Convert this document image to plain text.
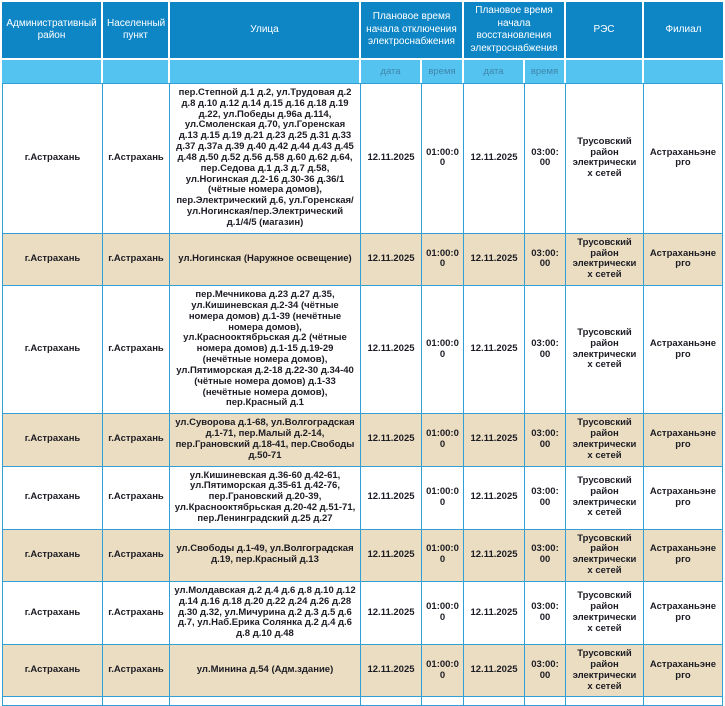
Административный район	Населенный пункт	Улица	Плановое время начала отключения электроснабжения		Плановое время начала восстановления электроснабжения		РЭС	Филиал
			дата	время	дата	время		
г.Астрахань	г.Астрахань	пер.Степной д.1 д.2, ул.Трудовая д.2 д.8 д.10 д.12 д.14 д.15 д.16 д.18 д.19 д.22, ул.Победы д.96а д.114, ул.Смоленская д.70, ул.Горенская д.13 д.15 д.19 д.21 д.23 д.25 д.31 д.33 д.37 д.37а д.39 д.40 д.42 д.44 д.43 д.45 д.48 д.50 д.52 д.56 д.58 д.60 д.62 д.64, пер.Седова д.1 д.3 д.7 д.58, ул.Ногинская д.2-16 д.30-36 д.36/1 (чётные номера домов), пер.Электрический д.6, ул.Горенская/ ул.Ногинская/пер.Электрический д.1/4/5 (магазин)	12.11.2025	01:00:00	12.11.2025	03:00:00	Трусовский район электрических сетей	Астраханьэнерго
г.Астрахань	г.Астрахань	ул.Ногинская (Наружное освещение)	12.11.2025	01:00:00	12.11.2025	03:00:00	Трусовский район электрических сетей	Астраханьэнерго
г.Астрахань	г.Астрахань	пер.Мечникова д.23 д.27 д.35, ул.Кишиневская д.2-34 (чётные номера домов) д.1-39 (нечётные номера домов), ул.Краснооктябрьская д.2 (чётные номера домов) д.1-15 д.19-29 (нечётные номера домов), ул.Пятиморская д.2-18 д.22-30 д.34-40 (чётные номера домов) д.1-33 (нечётные номера домов), пер.Красный д.1	12.11.2025	01:00:00	12.11.2025	03:00:00	Трусовский район электрических сетей	Астраханьэнерго
г.Астрахань	г.Астрахань	ул.Суворова д.1-68, ул.Волгоградская д.1-71, пер.Малый д.2-14, пер.Грановский д.18-41, пер.Свободы д.50-71	12.11.2025	01:00:00	12.11.2025	03:00:00	Трусовский район электрических сетей	Астраханьэнерго
г.Астрахань	г.Астрахань	ул.Кишиневская д.36-60 д.42-61, ул.Пятиморская д.35-61 д.42-76, пер.Грановский д.20-39, ул.Краснооктябрьская д.20-42 д.51-71, пер.Ленинградский д.25 д.27	12.11.2025	01:00:00	12.11.2025	03:00:00	Трусовский район электрических сетей	Астраханьэнерго
г.Астрахань	г.Астрахань	ул.Свободы д.1-49, ул.Волгоградская д.19, пер.Красный д.13	12.11.2025	01:00:00	12.11.2025	03:00:00	Трусовский район электрических сетей	Астраханьэнерго
г.Астрахань	г.Астрахань	ул.Молдавская д.2 д.4 д.6 д.8 д.10 д.12 д.14 д.16 д.18 д.20 д.22 д.24 д.26 д.28 д.30 д.32, ул.Мичурина д.2 д.3 д.5 д.6 д.7, ул.Наб.Ерика Солянка д.2 д.4 д.6 д.8 д.10 д.48	12.11.2025	01:00:00	12.11.2025	03:00:00	Трусовский район электрических сетей	Астраханьэнерго
г.Астрахань	г.Астрахань	ул.Минина д.54 (Адм.здание)	12.11.2025	01:00:00	12.11.2025	03:00:00	Трусовский район электрических сетей	Астраханьэнерго
